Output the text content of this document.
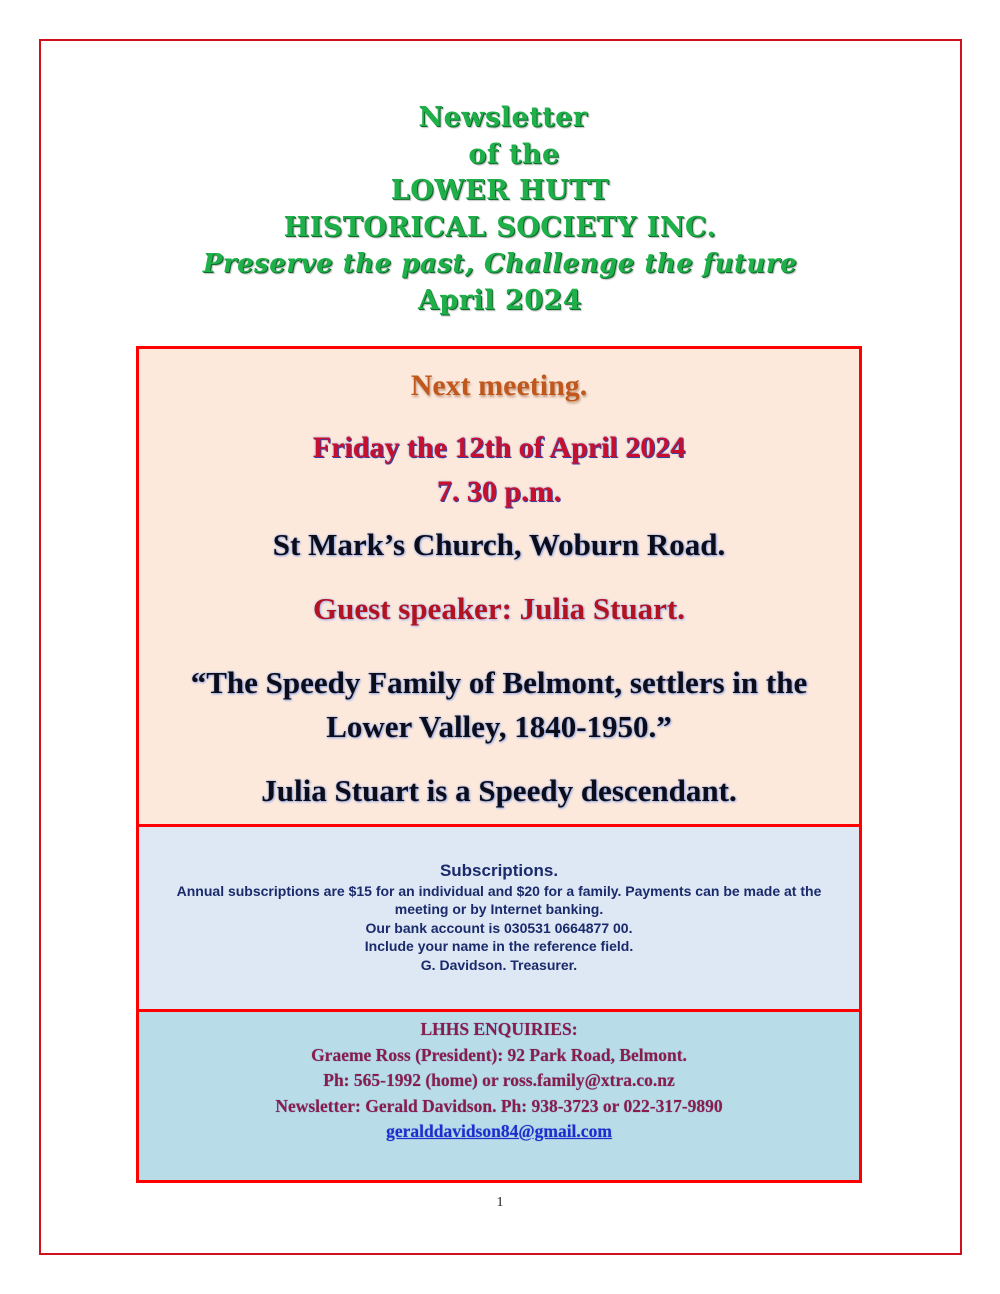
Newsletter
of the
LOWER HUTT
HISTORICAL SOCIETY INC.
Preserve the past, Challenge the future
April 2024
Next meeting.
Friday the 12th of April 2024
7. 30 p.m.
St Mark’s Church, Woburn Road.
Guest speaker: Julia Stuart.
“The Speedy Family of Belmont, settlers in the Lower Valley, 1840-1950.”
Julia Stuart is a Speedy descendant.
Subscriptions.
Annual subscriptions are $15 for an individual and $20 for a family. Payments can be made at the meeting or by Internet banking.
Our bank account is 030531 0664877 00.
Include your name in the reference field.
G. Davidson. Treasurer.
LHHS ENQUIRIES:
Graeme Ross (President): 92 Park Road, Belmont.
Ph: 565-1992 (home) or ross.family@xtra.co.nz
Newsletter: Gerald Davidson. Ph: 938-3723 or 022-317-9890
geralddavidson84@gmail.com
1
